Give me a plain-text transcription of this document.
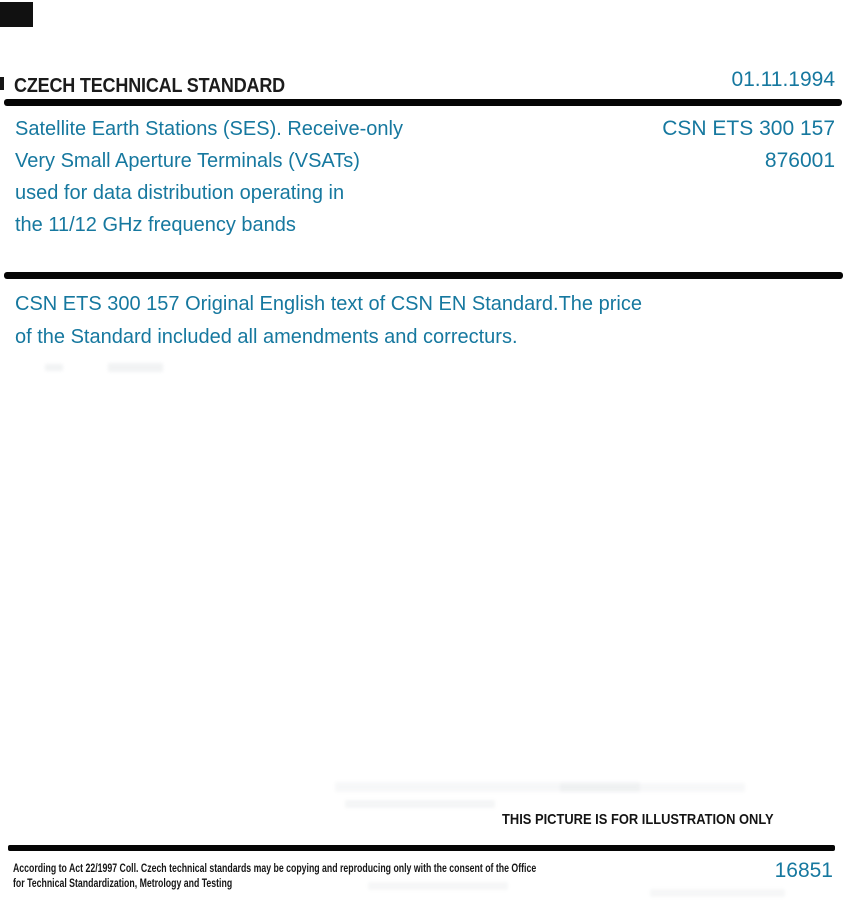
CZECH TECHNICAL STANDARD	01.11.1994
Satellite Earth Stations (SES). Receive-only
Very Small Aperture Terminals (VSATs)
used for data distribution operating in
the 11/12 GHz frequency bands
CSN ETS 300 157
876001
CSN ETS 300 157 Original English text of CSN EN Standard.The price
of the Standard included all amendments and correcturs.
THIS PICTURE IS FOR ILLUSTRATION ONLY
According to Act 22/1997 Coll. Czech technical standards may be copying and reproducing only with the consent of the Office
for Technical Standardization, Metrology and Testing
16851
